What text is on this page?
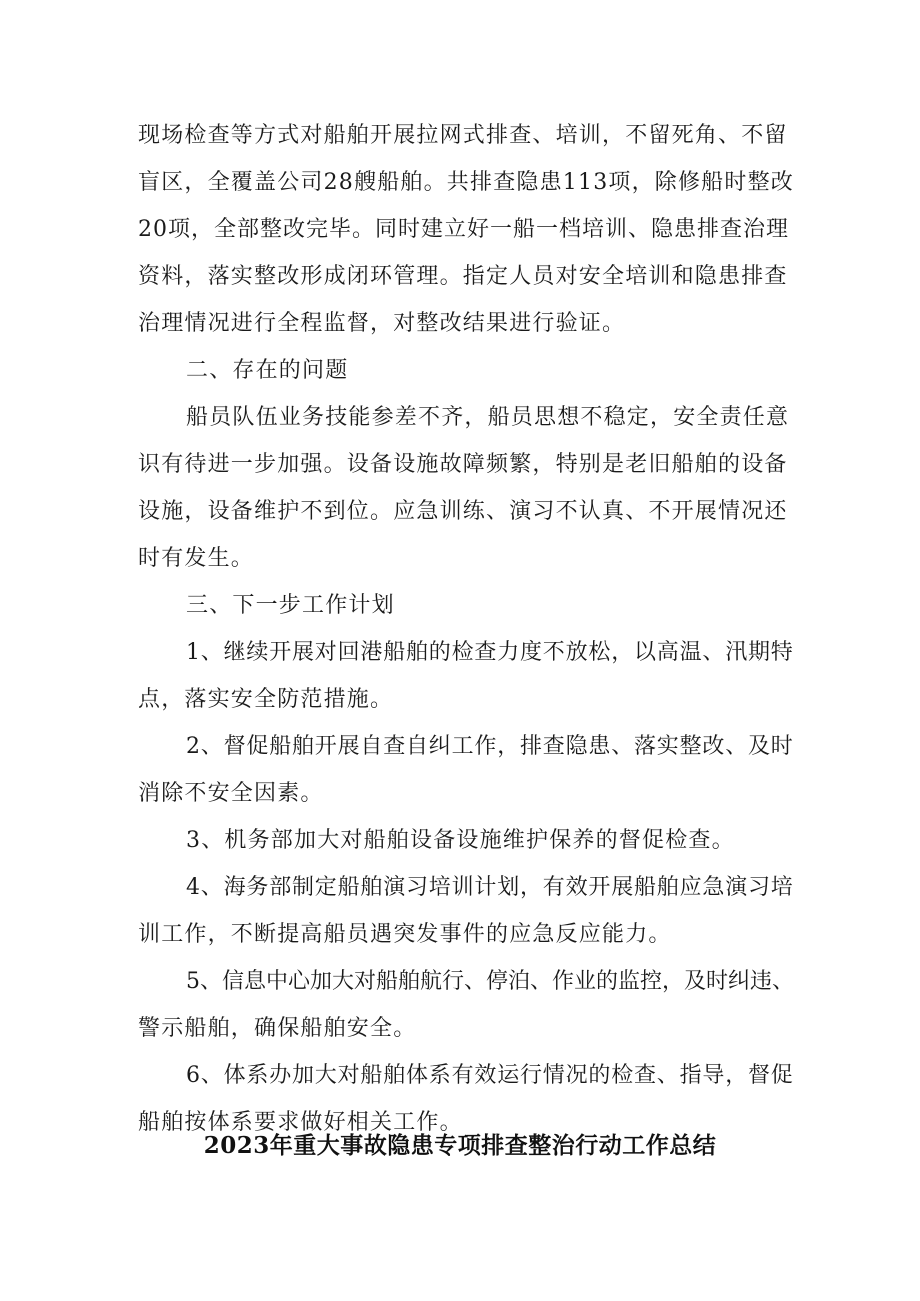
现场检查等方式对船舶开展拉网式排查、培训，不留死角、不留
盲区，全覆盖公司28艘船舶。共排查隐患113项，除修船时整改
20项，全部整改完毕。同时建立好一船一档培训、隐患排查治理
资料，落实整改形成闭环管理。指定人员对安全培训和隐患排查
治理情况进行全程监督，对整改结果进行验证。
二、存在的问题
船员队伍业务技能参差不齐，船员思想不稳定，安全责任意
识有待进一步加强。设备设施故障频繁，特别是老旧船舶的设备
设施，设备维护不到位。应急训练、演习不认真、不开展情况还
时有发生。
三、下一步工作计划
1、继续开展对回港船舶的检查力度不放松，以高温、汛期特
点，落实安全防范措施。
2、督促船舶开展自查自纠工作，排查隐患、落实整改、及时
消除不安全因素。
3、机务部加大对船舶设备设施维护保养的督促检查。
4、海务部制定船舶演习培训计划，有效开展船舶应急演习培
训工作，不断提高船员遇突发事件的应急反应能力。
5、信息中心加大对船舶航行、停泊、作业的监控，及时纠违、
警示船舶，确保船舶安全。
6、体系办加大对船舶体系有效运行情况的检查、指导，督促
船舶按体系要求做好相关工作。
2023年重大事故隐患专项排查整治行动工作总结
